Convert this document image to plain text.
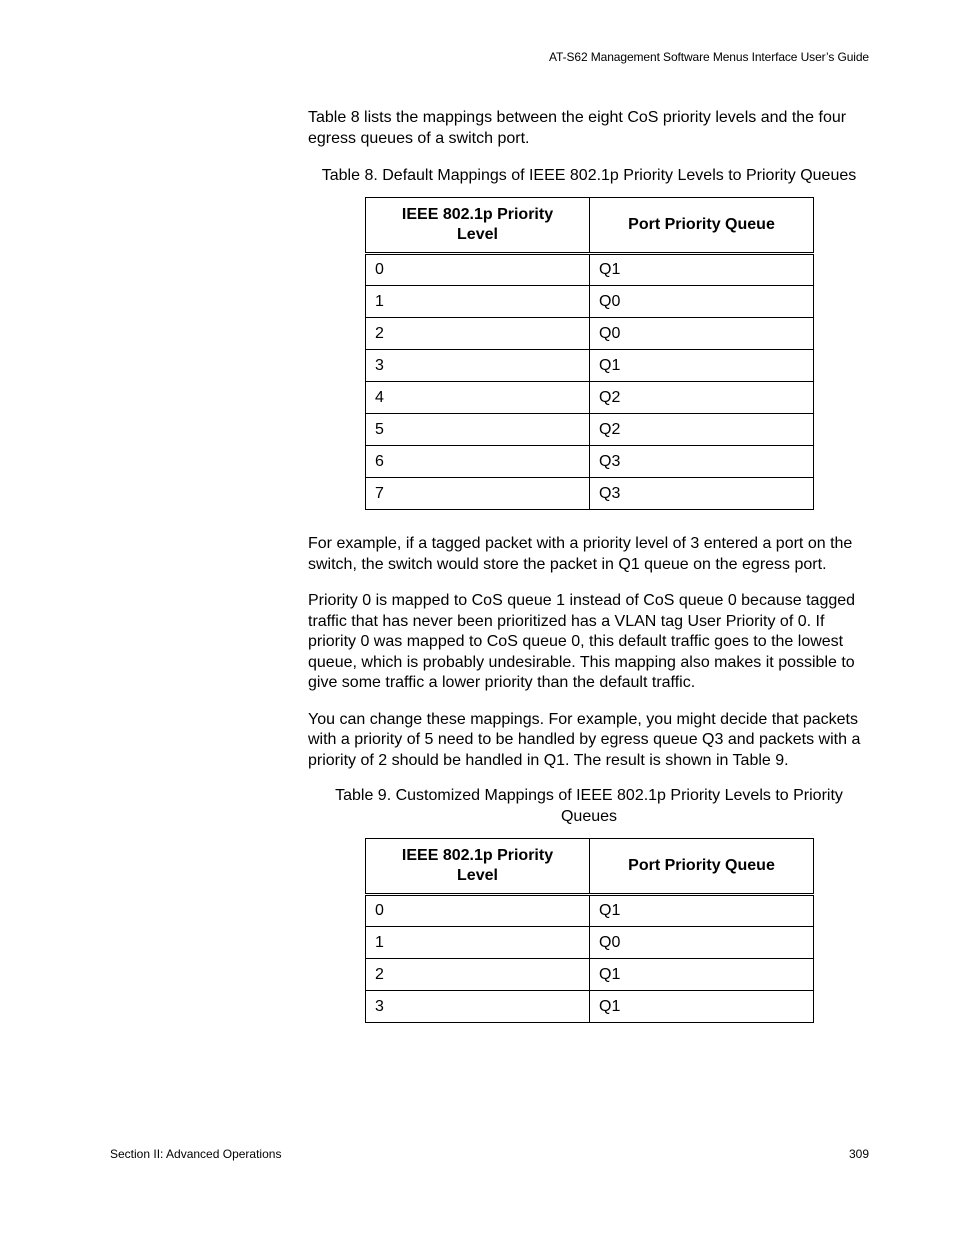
AT-S62 Management Software Menus Interface User’s Guide

Table 8 lists the mappings between the eight CoS priority levels and the four egress queues of a switch port.

Table 8. Default Mappings of IEEE 802.1p Priority Levels to Priority Queues
IEEE 802.1p Priority Level	Port Priority Queue
0	Q1
1	Q0
2	Q0
3	Q1
4	Q2
5	Q2
6	Q3
7	Q3

For example, if a tagged packet with a priority level of 3 entered a port on the switch, the switch would store the packet in Q1 queue on the egress port.

Priority 0 is mapped to CoS queue 1 instead of CoS queue 0 because tagged traffic that has never been prioritized has a VLAN tag User Priority of 0. If priority 0 was mapped to CoS queue 0, this default traffic goes to the lowest queue, which is probably undesirable. This mapping also makes it possible to give some traffic a lower priority than the default traffic.

You can change these mappings. For example, you might decide that packets with a priority of 5 need to be handled by egress queue Q3 and packets with a priority of 2 should be handled in Q1. The result is shown in Table 9.

Table 9. Customized Mappings of IEEE 802.1p Priority Levels to Priority Queues
IEEE 802.1p Priority Level	Port Priority Queue
0	Q1
1	Q0
2	Q1
3	Q1
Section II: Advanced Operations	309
